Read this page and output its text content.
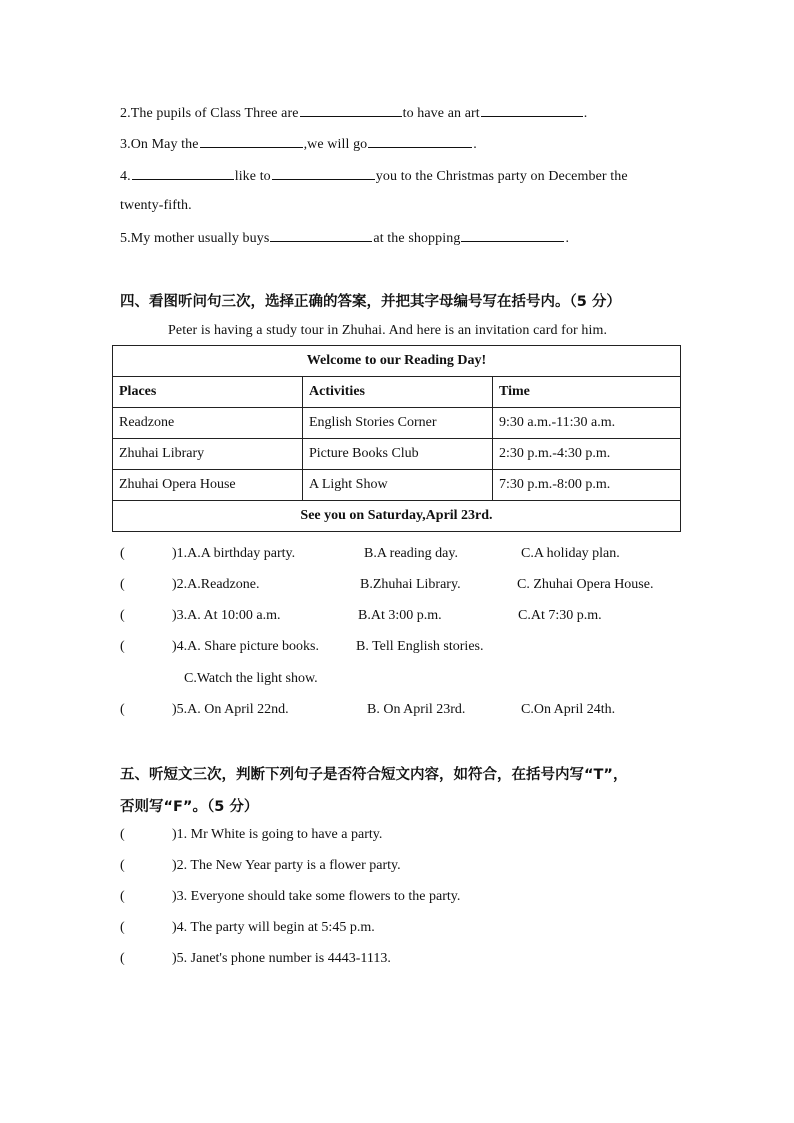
2.The pupils of Class Three are	to have an art	.
3.On May the	,we will go	.
4.	like to	you to the Christmas party on December the
twenty-fifth.
5.My mother usually buys	at the shopping	.
四、看图听问句三次，选择正确的答案，并把其字母编号写在括号内。（5 分）
Peter is having a study tour in Zhuhai. And here is an invitation card for him.
Welcome to our Reading Day!		
Places	Activities	Time
Readzone	English Stories Corner	9:30 a.m.-11:30 a.m.
Zhuhai Library	Picture Books Club	2:30 p.m.-4:30 p.m.
Zhuhai Opera House	A Light Show	7:30 p.m.-8:00 p.m.
See you on Saturday,April 23rd.		
(	)1.A.A birthday party.	B.A reading day.	C.A holiday plan.
(	)2.A.Readzone.	B.Zhuhai Library.	C. Zhuhai Opera House.
(	)3.A. At 10:00 a.m.	B.At 3:00 p.m.	C.At 7:30 p.m.
(	)4.A. Share picture books.	B. Tell English stories.
C.Watch the light show.
(	)5.A. On April 22nd.	B. On April 23rd.	C.On April 24th.
五、听短文三次，判断下列句子是否符合短文内容，如符合，在括号内写“T”，
否则写“F”。（5 分）
(	)1. Mr White is going to have a party.
(	)2. The New Year party is a flower party.
(	)3. Everyone should take some flowers to the party.
(	)4. The party will begin at 5:45 p.m.
(	)5. Janet's phone number is 4443-1113.
